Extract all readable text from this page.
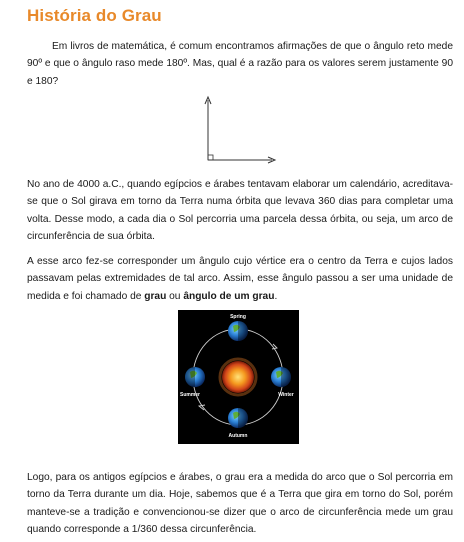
História do Grau

Em livros de matemática, é comum encontramos afirmações de que o ângulo reto mede 90º e que o ângulo raso mede 180º. Mas, qual é a razão para os valores serem justamente 90 e 180?

No ano de 4000 a.C., quando egípcios e árabes tentavam elaborar um calendário, acreditava-se que o Sol girava em torno da Terra numa órbita que levava 360 dias para completar uma volta. Desse modo, a cada dia o Sol percorria uma parcela dessa órbita, ou seja, um arco de circunferência de sua órbita.

A esse arco fez-se corresponder um ângulo cujo vértice era o centro da Terra e cujos lados passavam pelas extremidades de tal arco. Assim, esse ângulo passou a ser uma unidade de medida e foi chamado de grau ou ângulo de um grau.

Spring
Summer	Winter
Autumn

Logo, para os antigos egípcios e árabes, o grau era a medida do arco que o Sol percorria em torno da Terra durante um dia. Hoje, sabemos que é a Terra que gira em torno do Sol, porém manteve-se a tradição e convencionou-se dizer que o arco de circunferência mede um grau quando corresponde a 1/360 dessa circunferência.
